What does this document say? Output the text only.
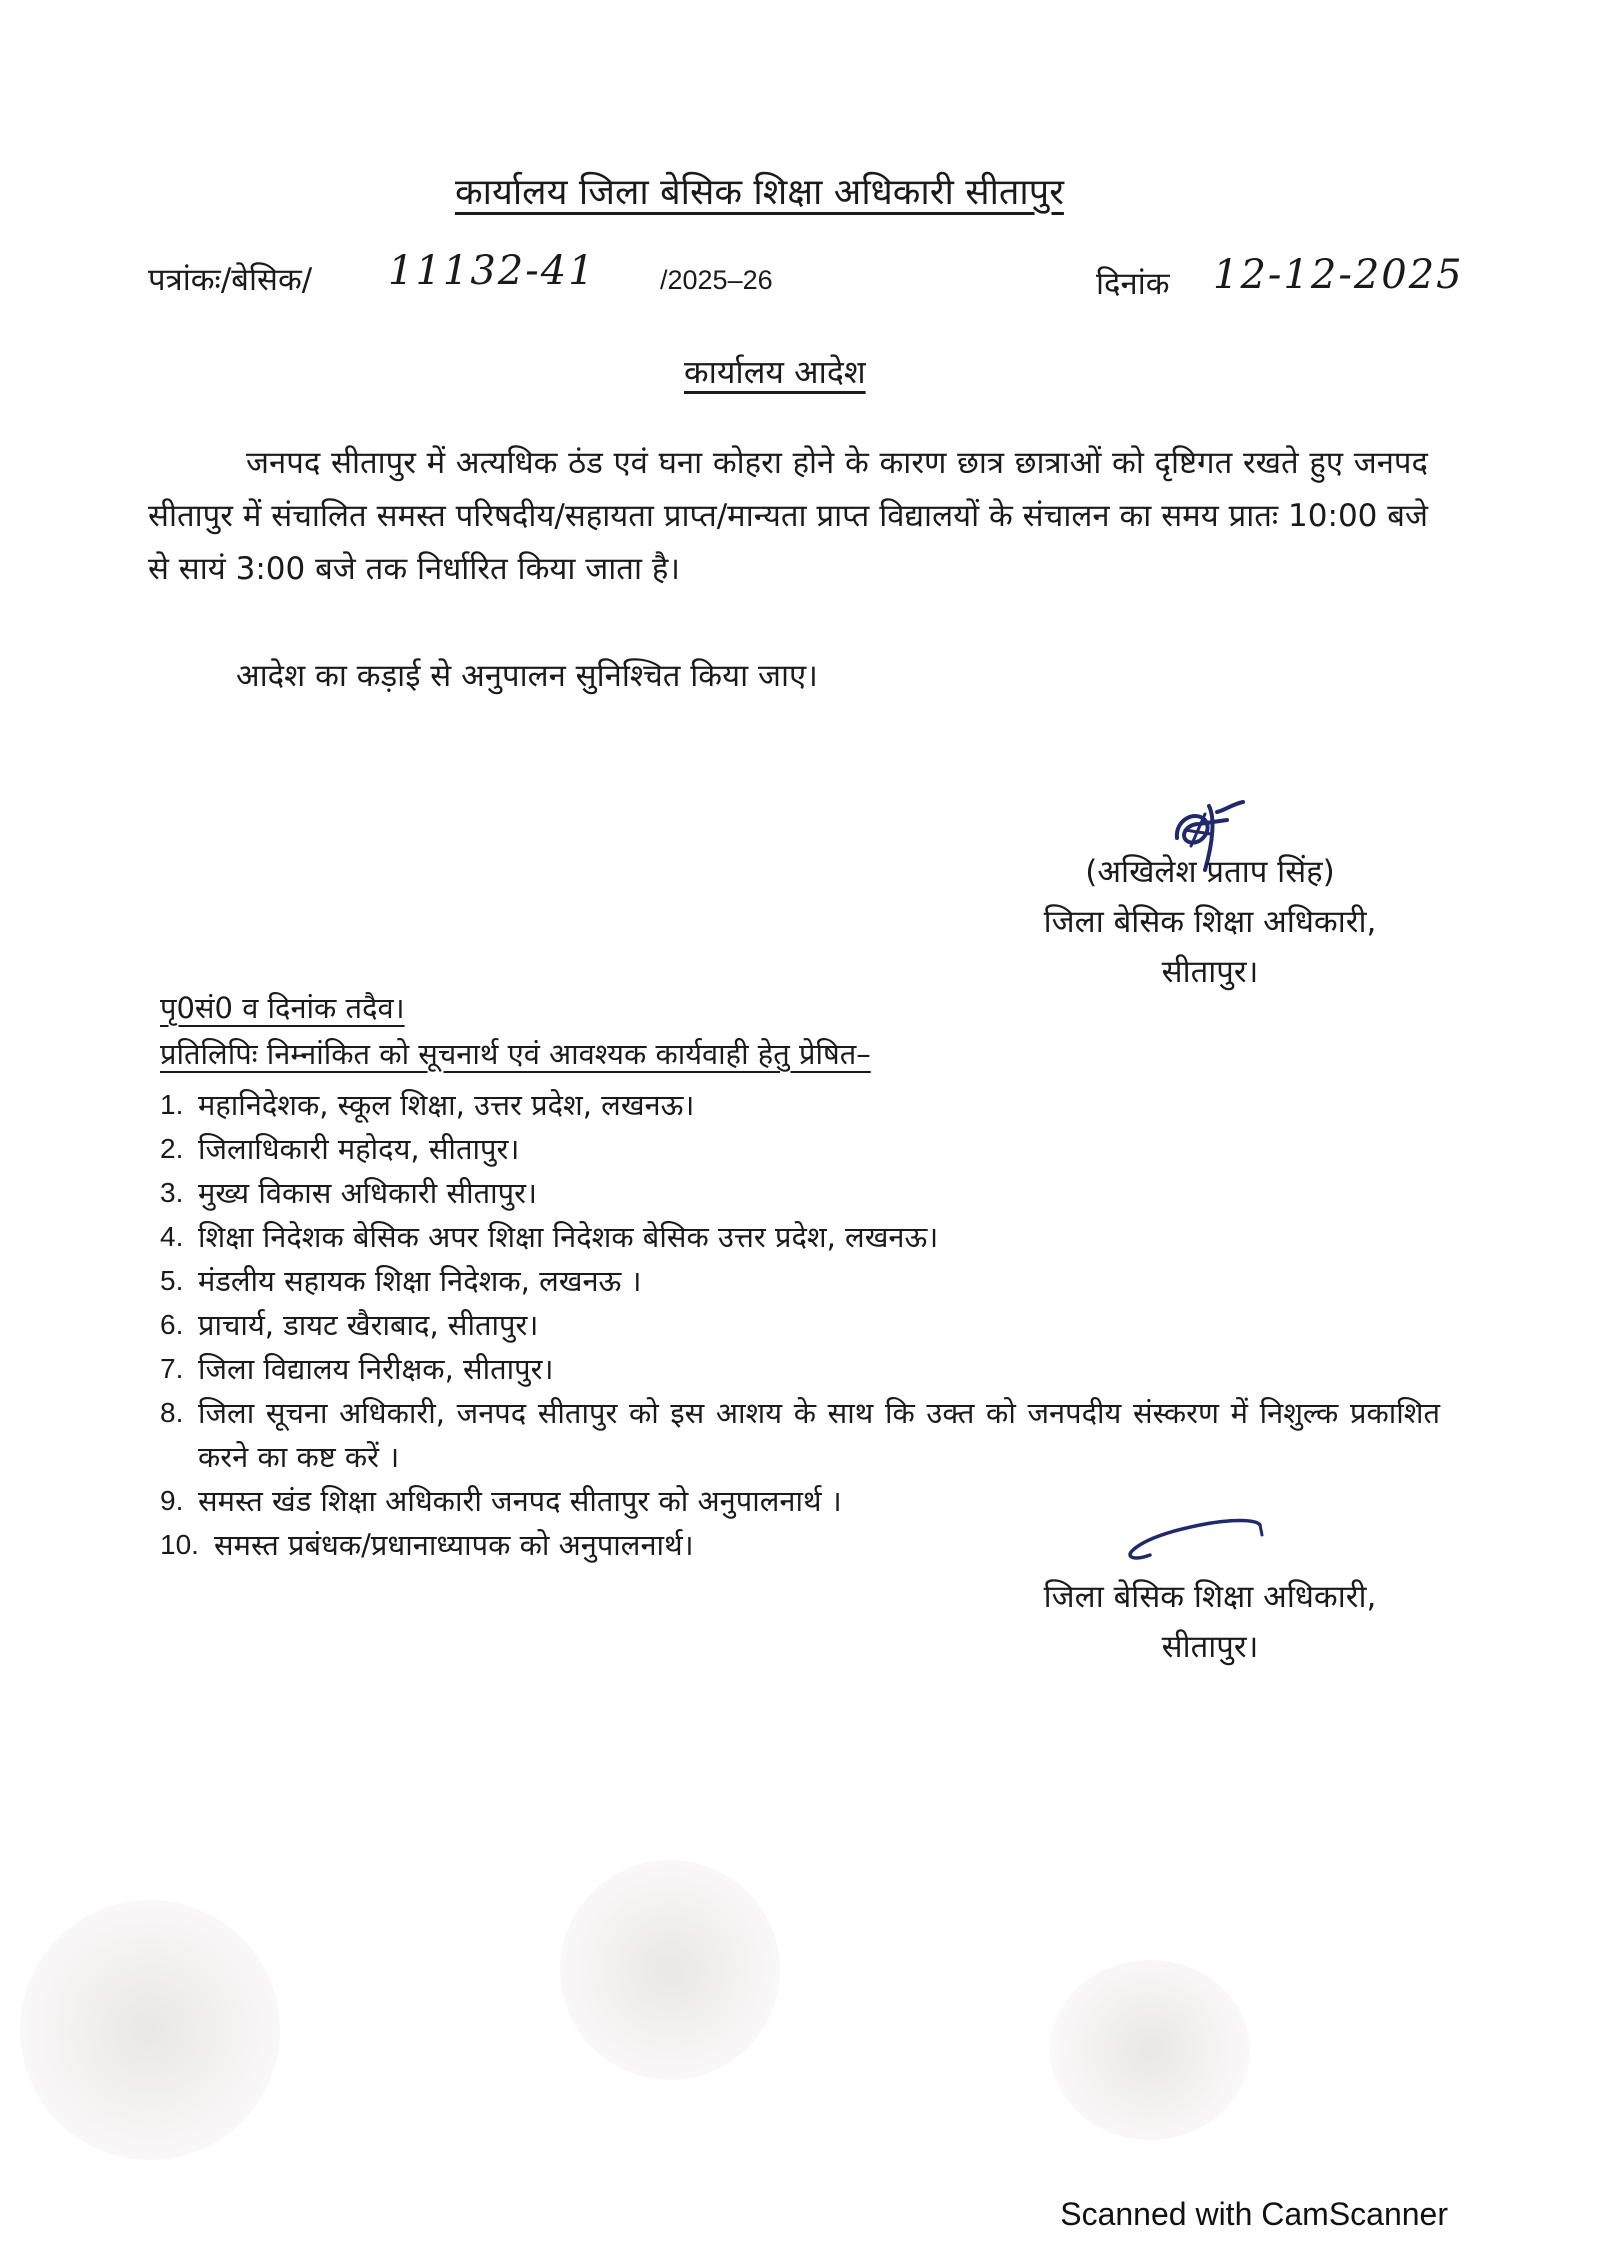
कार्यालय जिला बेसिक शिक्षा अधिकारी सीतापुर
पत्रांकः/बेसिक/ 11132-41 /2025–26	दिनांक 12-12-2025
कार्यालय आदेश
जनपद सीतापुर में अत्यधिक ठंड एवं घना कोहरा होने के कारण छात्र छात्राओं को दृष्टिगत रखते हुए जनपद सीतापुर में संचालित समस्त परिषदीय/सहायता प्राप्त/मान्यता प्राप्त विद्यालयों के संचालन का समय प्रातः 10:00 बजे से सायं 3:00 बजे तक निर्धारित किया जाता है।
आदेश का कड़ाई से अनुपालन सुनिश्चित किया जाए।
(अखिलेश प्रताप सिंह)
जिला बेसिक शिक्षा अधिकारी,
सीतापुर।
पृ0सं0 व दिनांक तदैव।
प्रतिलिपिः निम्नांकित को सूचनार्थ एवं आवश्यक कार्यवाही हेतु प्रेषित–
1. महानिदेशक, स्कूल शिक्षा, उत्तर प्रदेश, लखनऊ।
2. जिलाधिकारी महोदय, सीतापुर।
3. मुख्य विकास अधिकारी सीतापुर।
4. शिक्षा निदेशक बेसिक अपर शिक्षा निदेशक बेसिक उत्तर प्रदेश, लखनऊ।
5. मंडलीय सहायक शिक्षा निदेशक, लखनऊ ।
6. प्राचार्य, डायट खैराबाद, सीतापुर।
7. जिला विद्यालय निरीक्षक, सीतापुर।
8. जिला सूचना अधिकारी, जनपद सीतापुर को इस आशय के साथ कि उक्त को जनपदीय संस्करण में निशुल्क प्रकाशित करने का कष्ट करें ।
9. समस्त खंड शिक्षा अधिकारी जनपद सीतापुर को अनुपालनार्थ ।
10. समस्त प्रबंधक/प्रधानाध्यापक को अनुपालनार्थ।
जिला बेसिक शिक्षा अधिकारी,
सीतापुर।
Scanned with CamScanner
